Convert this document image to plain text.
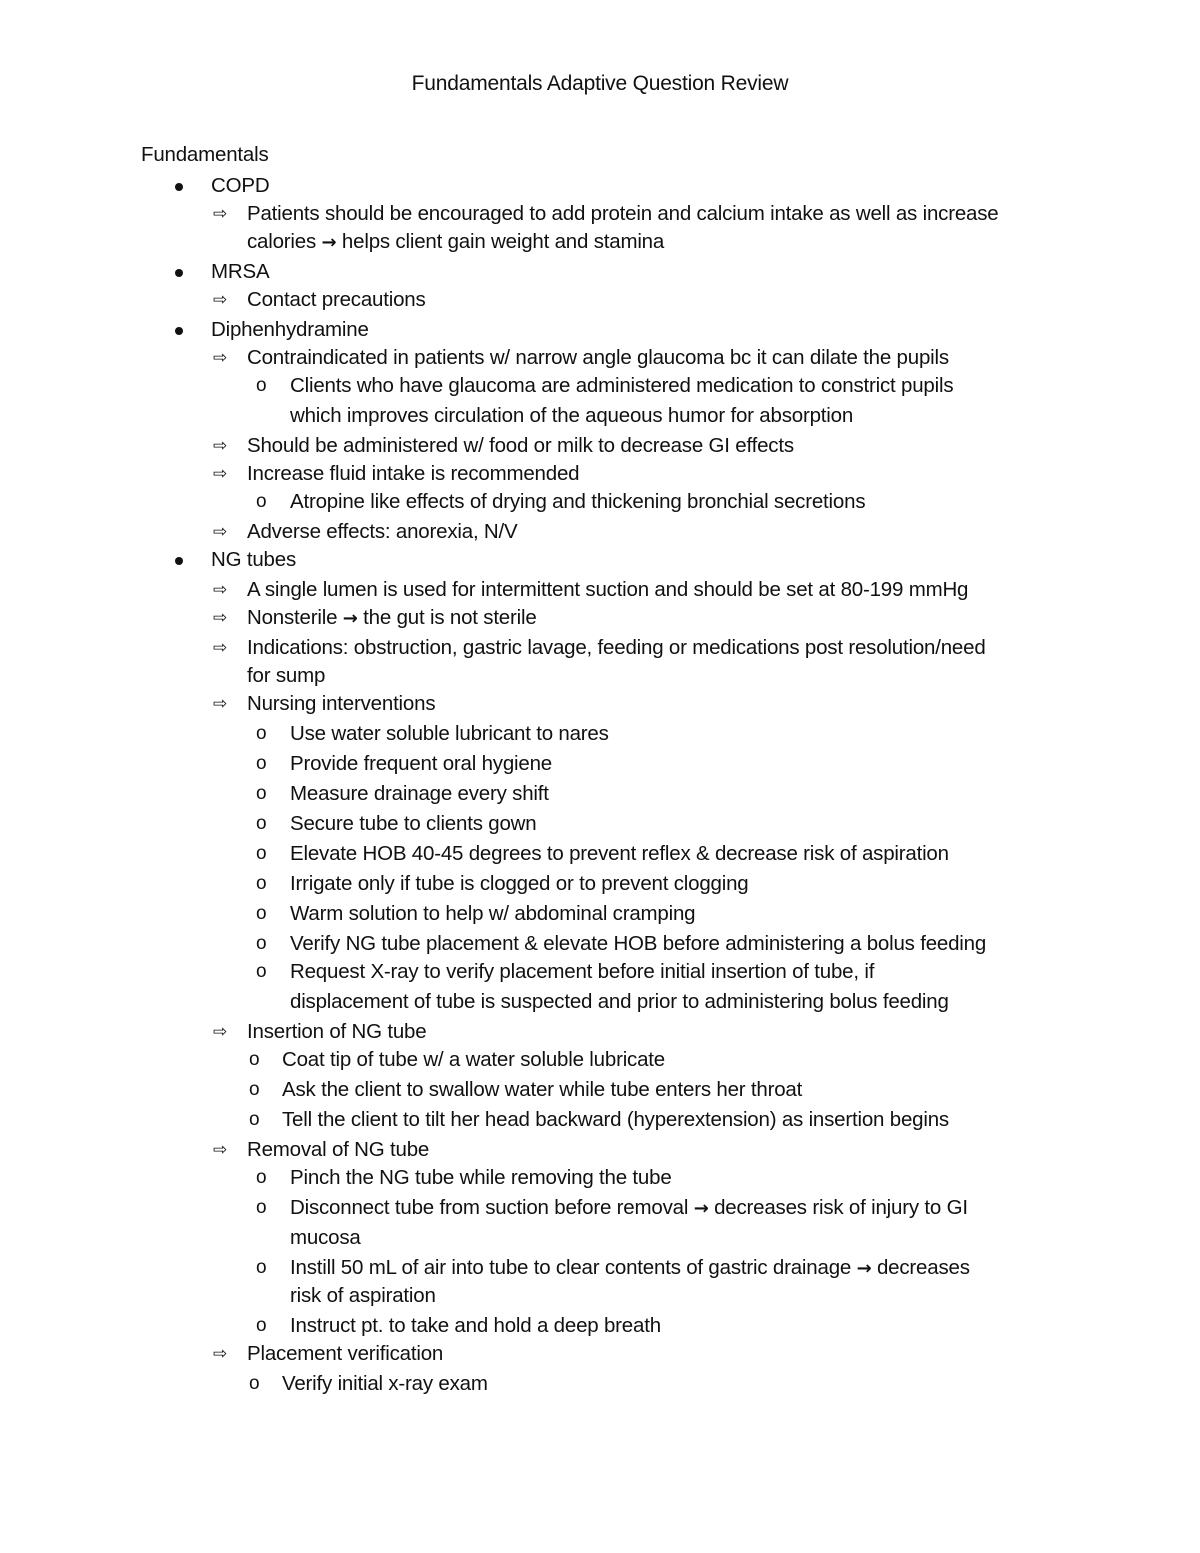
Fundamentals Adaptive Question Review
Fundamentals
COPD
⇨ Patients should be encouraged to add protein and calcium intake as well as increase
calories → helps client gain weight and stamina
MRSA
⇨ Contact precautions
Diphenhydramine
⇨ Contraindicated in patients w/ narrow angle glaucoma bc it can dilate the pupils
o Clients who have glaucoma are administered medication to constrict pupils
which improves circulation of the aqueous humor for absorption
⇨ Should be administered w/ food or milk to decrease GI effects
⇨ Increase fluid intake is recommended
o Atropine like effects of drying and thickening bronchial secretions
⇨ Adverse effects: anorexia, N/V
NG tubes
⇨ A single lumen is used for intermittent suction and should be set at 80-199 mmHg
⇨ Nonsterile → the gut is not sterile
⇨ Indications: obstruction, gastric lavage, feeding or medications post resolution/need
for sump
⇨ Nursing interventions
o Use water soluble lubricant to nares
o Provide frequent oral hygiene
o Measure drainage every shift
o Secure tube to clients gown
o Elevate HOB 40-45 degrees to prevent reflex & decrease risk of aspiration
o Irrigate only if tube is clogged or to prevent clogging
o Warm solution to help w/ abdominal cramping
o Verify NG tube placement & elevate HOB before administering a bolus feeding
o Request X-ray to verify placement before initial insertion of tube, if
displacement of tube is suspected and prior to administering bolus feeding
⇨ Insertion of NG tube
o Coat tip of tube w/ a water soluble lubricate
o Ask the client to swallow water while tube enters her throat
o Tell the client to tilt her head backward (hyperextension) as insertion begins
⇨ Removal of NG tube
o Pinch the NG tube while removing the tube
o Disconnect tube from suction before removal → decreases risk of injury to GI
mucosa
o Instill 50 mL of air into tube to clear contents of gastric drainage → decreases
risk of aspiration
o Instruct pt. to take and hold a deep breath
⇨ Placement verification
o Verify initial x-ray exam
